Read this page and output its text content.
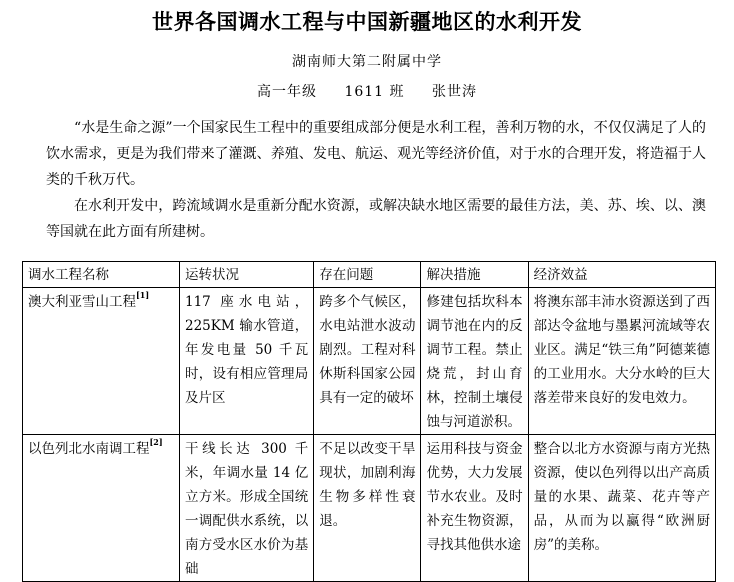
世界各国调水工程与中国新疆地区的水利开发
湖南师大第二附属中学
高一年级 1611 班 张世涛
“水是生命之源”一个国家民生工程中的重要组成部分便是水利工程，善利万物的水，不仅仅满足了人的饮水需求，更是为我们带来了灌溉、养殖、发电、航运、观光等经济价值，对于水的合理开发，将造福于人类的千秋万代。
在水利开发中，跨流域调水是重新分配水资源，或解决缺水地区需要的最佳方法，美、苏、埃、以、澳等国就在此方面有所建树。
调水工程名称	运转状况	存在问题	解决措施	经济效益
澳大利亚雪山工程[1]	117 座水电站，225KM 输水管道，年发电量 50 千瓦时，设有相应管理局及片区	跨多个气候区，水电站泄水波动剧烈。工程对科休斯科国家公园具有一定的破坏	修建包括坎科本调节池在内的反调节工程。禁止烧荒，封山育林，控制土壤侵蚀与河道淤积。	将澳东部丰沛水资源送到了西部达令盆地与墨累河流域等农业区。满足“铁三角”阿德莱德的工业用水。大分水岭的巨大落差带来良好的发电效力。
以色列北水南调工程[2]	干线长达 300 千米，年调水量 14 亿立方米。形成全国统一调配供水系统，以南方受水区水价为基础	不足以改变干旱现状，加剧利海生物多样性衰退。	运用科技与资金优势，大力发展节水农业。及时补充生物资源，寻找其他供水途	整合以北方水资源与南方光热资源，使以色列得以出产高质量的水果、蔬菜、花卉等产品，从而为以赢得“欧洲厨房”的美称。
